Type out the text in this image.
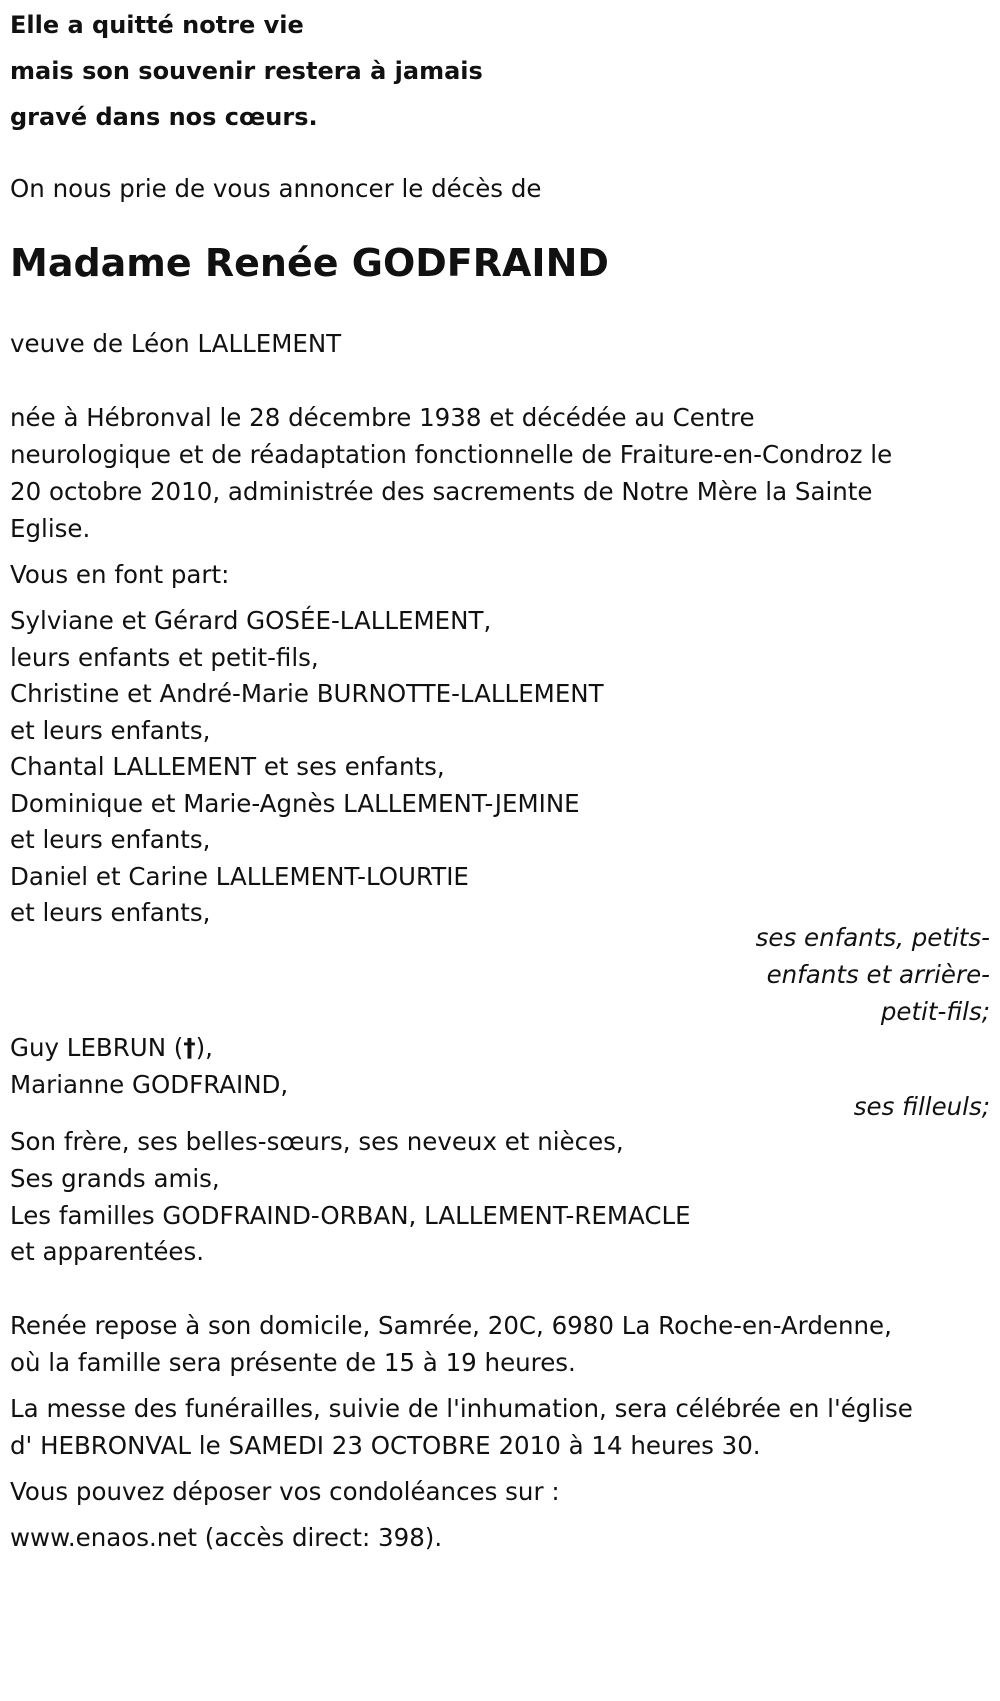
Elle a quitté notre vie
mais son souvenir restera à jamais
gravé dans nos cœurs.
On nous prie de vous annoncer le décès de
Madame Renée GODFRAIND
veuve de Léon LALLEMENT
née à Hébronval le 28 décembre 1938 et décédée au Centre
neurologique et de réadaptation fonctionnelle de Fraiture-en-Condroz le
20 octobre 2010, administrée des sacrements de Notre Mère la Sainte
Eglise.
Vous en font part:
Sylviane et Gérard GOSÉE-LALLEMENT,
leurs enfants et petit-fils,
Christine et André-Marie BURNOTTE-LALLEMENT
et leurs enfants,
Chantal LALLEMENT et ses enfants,
Dominique et Marie-Agnès LALLEMENT-JEMINE
et leurs enfants,
Daniel et Carine LALLEMENT-LOURTIE
et leurs enfants,
ses enfants, petits-
enfants et arrière-
petit-fils;
Guy LEBRUN (†),
Marianne GODFRAIND,
ses filleuls;
Son frère, ses belles-sœurs, ses neveux et nièces,
Ses grands amis,
Les familles GODFRAIND-ORBAN, LALLEMENT-REMACLE
et apparentées.
Renée repose à son domicile, Samrée, 20C, 6980 La Roche-en-Ardenne,
où la famille sera présente de 15 à 19 heures.
La messe des funérailles, suivie de l'inhumation, sera célébrée en l'église
d' HEBRONVAL le SAMEDI 23 OCTOBRE 2010 à 14 heures 30.
Vous pouvez déposer vos condoléances sur :
www.enaos.net (accès direct: 398).
